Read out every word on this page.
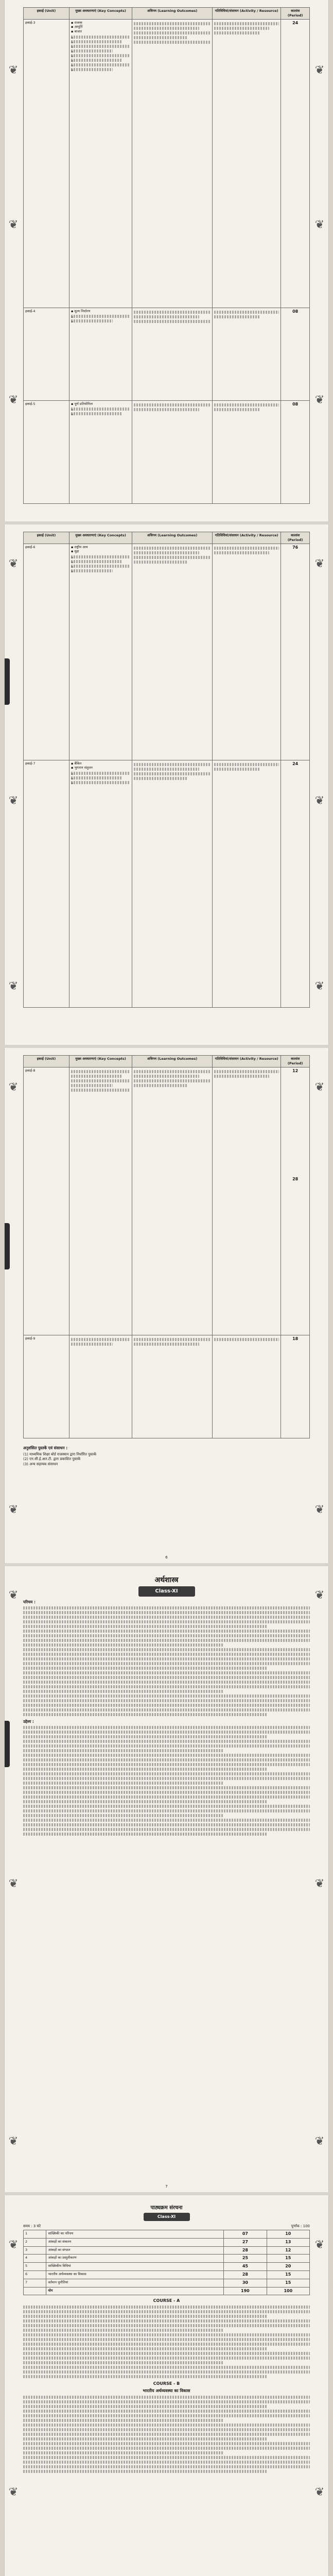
❦	❦
❦	❦
❦	❦
इकाई (Unit)	मुख्य अवधारणाएं (Key Concepts)	अधिगम (Learning Outcomes)	गतिविधियां/संसाधन (Activity / Resource)	कालांश (Period)
इकाई-3	▪ राजस्व
▪ आपूर्ति
▪ बाजार
▪
▪
▪
▪
▪
▪
▪
▪			24
इकाई-4	▪ मूल्य निर्धारण
▪
▪			08
इकाई-5	▪ पूर्ण प्रतियोगिता
▪
▪			08
❦	❦
❦	❦
❦	❦
इकाई (Unit)	मुख्य अवधारणाएं (Key Concepts)	अधिगम (Learning Outcomes)	गतिविधियां/संसाधन (Activity / Resource)	कालांश (Period)
इकाई-6	▪ राष्ट्रीय आय
▪ मुद्रा
▪
▪
▪
▪			76
इकाई-7	▪ बैंकिंग
▪ भुगतान संतुलन
▪
▪
▪			24
❦	❦
❦	❦
इकाई (Unit)	मुख्य अवधारणाएं (Key Concepts)	अधिगम (Learning Outcomes)	गतिविधियां/संसाधन (Activity / Resource)	कालांश (Period)
इकाई-8				12
28

इकाई-9				18
अनुशंसित पुस्तकें एवं संसाधन :
(1) माध्यमिक शिक्षा बोर्ड राजस्थान द्वारा निर्धारित पुस्तकें
(2) एन.सी.ई.आर.टी. द्वारा प्रकाशित पुस्तकें
(3) अन्य सहायक संसाधन
6
❦	❦
❦	❦
❦	❦
अर्थशास्त्र
Class-XI
परिचय :
उद्देश्य :
7
❦	❦
❦	❦
पाठ्यक्रम संरचना
Class-XI
समय : 3 घंटे	पूर्णांक : 100
1	सांख्यिकी का परिचय	07	10
2	आंकड़ों का संकलन	27	13
3	आंकड़ों का संगठन	28	12
4	आंकड़ों का प्रस्तुतीकरण	25	15
5	सांख्यिकीय विधियां	45	20
6	भारतीय अर्थव्यवस्था का विकास	28	15
7	वर्तमान चुनौतियां	30	15
	योग	190	100
COURSE - A
COURSE - B
भारतीय अर्थव्यवस्था का विकास
